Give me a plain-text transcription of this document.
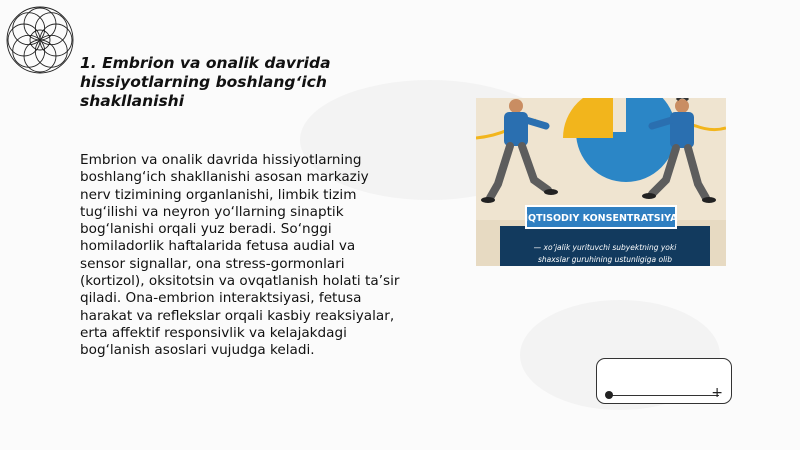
1. Embrion va onalik davrida hissiyotlarning boshlang‘ich shakllanishi

Embrion va onalik davrida hissiyotlarning boshlang‘ich shakllanishi asosan markaziy nerv tizimining organlanishi, limbik tizim tug‘ilishi va neyron yo‘llarning sinaptik bog‘lanishi orqali yuz beradi. So‘nggi homiladorlik haftalarida fetusa audial va sensor signallar, ona stress-gormonlari (kortizol), oksitotsin va ovqatlanish holati ta’sir qiladi. Ona-embrion interaktsiyasi, fetusa harakat va reflekslar orqali kasbiy reaksiyalar, erta affektif responsivlik va kelajakdagi bog‘lanish asoslari vujudga keladi.

IQTISODIY KONSENTRATSIYA
— xo‘jalik yurituvchi subyektning yoki
shaxslar guruhining ustunligiga olib
+
